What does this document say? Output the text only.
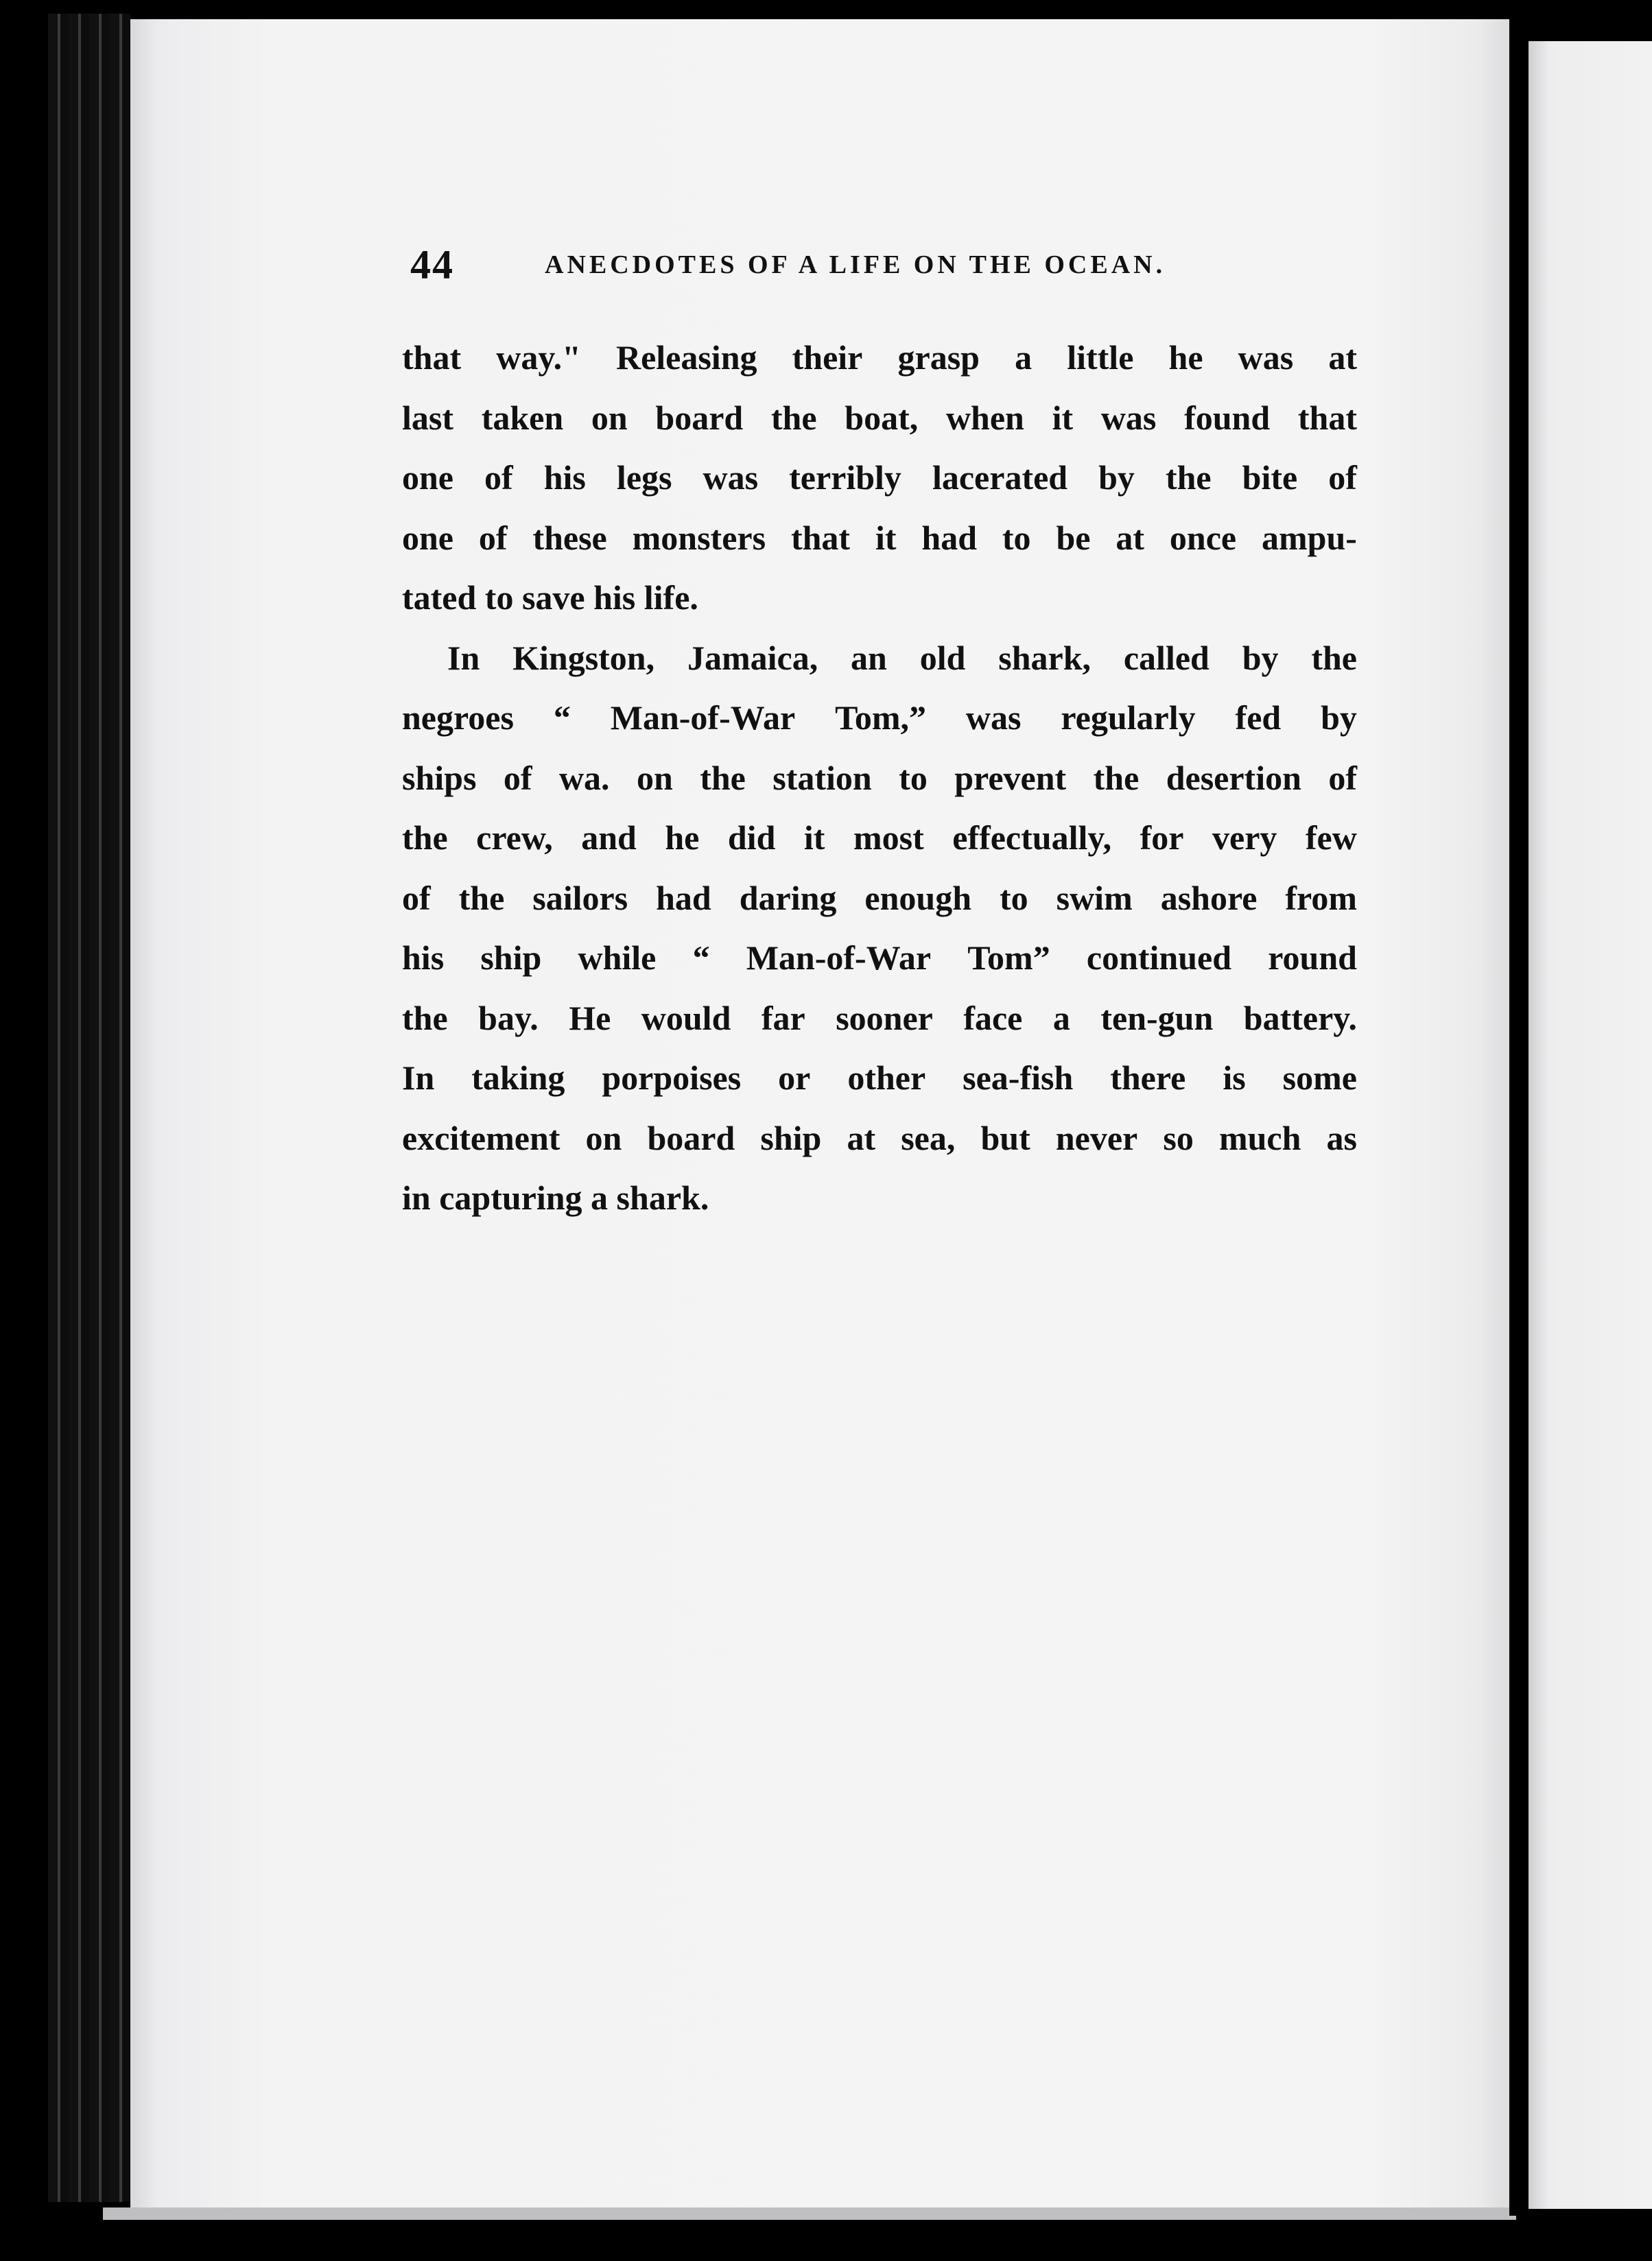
44	ANECDOTES OF A LIFE ON THE OCEAN.
that way." Releasing their grasp a little he was at
last taken on board the boat, when it was found that
one of his legs was terribly lacerated by the bite of
one of these monsters that it had to be at once ampu-
tated to save his life.
In Kingston, Jamaica, an old shark, called by the
negroes “ Man-of-War Tom,” was regularly fed by
ships of wa. on the station to prevent the desertion of
the crew, and he did it most effectually, for very few
of the sailors had daring enough to swim ashore from
his ship while “ Man-of-War Tom” continued round
the bay. He would far sooner face a ten-gun battery.
In taking porpoises or other sea-fish there is some
excitement on board ship at sea, but never so much as
in capturing a shark.
